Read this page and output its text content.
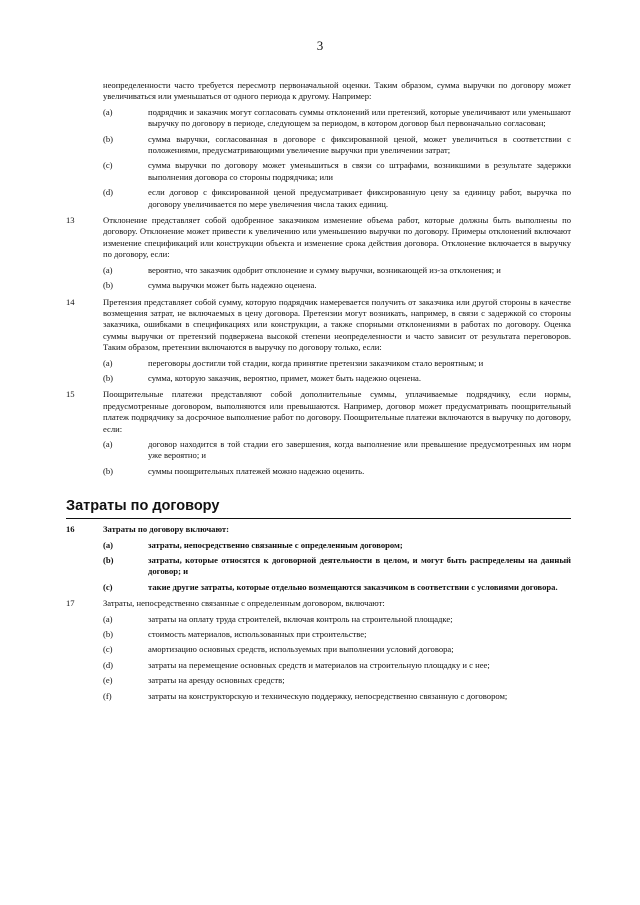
3
неопределенности часто требуется пересмотр первоначальной оценки. Таким образом, сумма выручки по договору может увеличиваться или уменьшаться от одного периода к другому. Например:
(a)	подрядчик и заказчик могут согласовать суммы отклонений или претензий, которые увеличивают или уменьшают выручку по договору в периоде, следующем за периодом, в котором договор был первоначально согласован;
(b)	сумма выручки, согласованная в договоре с фиксированной ценой, может увеличиться в соответствии с положениями, предусматривающими увеличение выручки при увеличении затрат;
(c)	сумма выручки по договору может уменьшиться в связи со штрафами, возникшими в результате задержки выполнения договора со стороны подрядчика; или
(d)	если договор с фиксированной ценой предусматривает фиксированную цену за единицу работ, выручка по договору увеличивается по мере увеличения числа таких единиц.
13	Отклонение представляет собой одобренное заказчиком изменение объема работ, которые должны быть выполнены по договору. Отклонение может привести к увеличению или уменьшению выручки по договору. Примеры отклонений включают изменение спецификаций или конструкции объекта и изменение срока действия договора. Отклонение включается в выручку по договору, если:
(a)	вероятно, что заказчик одобрит отклонение и сумму выручки, возникающей из-за отклонения; и
(b)	сумма выручки может быть надежно оценена.
14	Претензия представляет собой сумму, которую подрядчик намеревается получить от заказчика или другой стороны в качестве возмещения затрат, не включаемых в цену договора. Претензии могут возникать, например, в связи с задержкой со стороны заказчика, ошибками в спецификациях или конструкции, а также спорными отклонениями в работах по договору. Оценка суммы выручки от претензий подвержена высокой степени неопределенности и часто зависит от результата переговоров. Таким образом, претензии включаются в выручку по договору только, если:
(a)	переговоры достигли той стадии, когда принятие претензии заказчиком стало вероятным; и
(b)	сумма, которую заказчик, вероятно, примет, может быть надежно оценена.
15	Поощрительные платежи представляют собой дополнительные суммы, уплачиваемые подрядчику, если нормы, предусмотренные договором, выполняются или превышаются. Например, договор может предусматривать поощрительный платеж подрядчику за досрочное выполнение работ по договору. Поощрительные платежи включаются в выручку по договору, если:
(a)	договор находится в той стадии его завершения, когда выполнение или превышение предусмотренных им норм уже вероятно; и
(b)	суммы поощрительных платежей можно надежно оценить.
Затраты по договору
16	Затраты по договору включают:
(a)	затраты, непосредственно связанные с определенным договором;
(b)	затраты, которые относятся к договорной деятельности в целом, и могут быть распределены на данный договор; и
(c)	такие другие затраты, которые отдельно возмещаются заказчиком в соответствии с условиями договора.
17	Затраты, непосредственно связанные с определенным договором, включают:
(a)	затраты на оплату труда строителей, включая контроль на строительной площадке;
(b)	стоимость материалов, использованных при строительстве;
(c)	амортизацию основных средств, используемых при выполнении условий договора;
(d)	затраты на перемещение основных средств и материалов на строительную площадку и с нее;
(e)	затраты на аренду основных средств;
(f)	затраты на конструкторскую и техническую поддержку, непосредственно связанную с договором;
